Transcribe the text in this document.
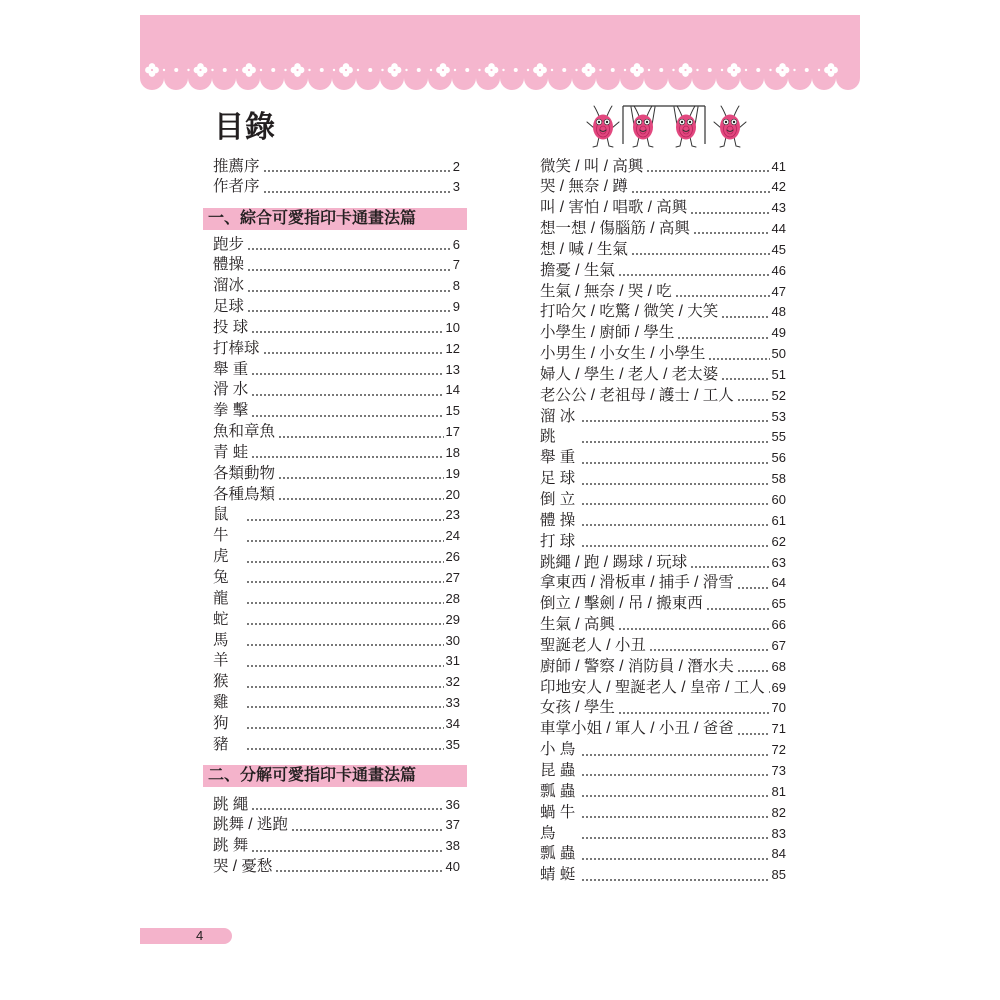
目錄
推薦序	2
作者序	3
一、綜合可愛指印卡通畫法篇
跑步	6
體操	7
溜冰	8
足球	9
投 球	10
打棒球	12
舉 重	13
滑 水	14
拳 擊	15
魚和章魚	17
青 蛙	18
各類動物	19
各種鳥類	20
鼠	23
牛	24
虎	26
兔	27
龍	28
蛇	29
馬	30
羊	31
猴	32
雞	33
狗	34
豬	35
二、分解可愛指印卡通畫法篇
跳 繩	36
跳舞 / 逃跑	37
跳 舞	38
哭 / 憂愁	40
微笑 / 叫 / 高興	41
哭 / 無奈 / 蹲	42
叫 / 害怕 / 唱歌 / 高興	43
想一想 / 傷腦筋 / 高興	44
想 / 喊 / 生氣	45
擔憂 / 生氣	46
生氣 / 無奈 / 哭 / 吃	47
打哈欠 / 吃驚 / 微笑 / 大笑	48
小學生 / 廚師 / 學生	49
小男生 / 小女生 / 小學生	50
婦人 / 學生 / 老人 / 老太婆	51
老公公 / 老祖母 / 護士 / 工人	52
溜 冰	53
跳	55
舉 重	56
足 球	58
倒 立	60
體 操	61
打 球	62
跳繩 / 跑 / 踢球 / 玩球	63
拿東西 / 滑板車 / 捕手 / 滑雪	64
倒立 / 擊劍 / 吊 / 搬東西	65
生氣 / 高興	66
聖誕老人 / 小丑	67
廚師 / 警察 / 消防員 / 潛水夫	68
印地安人 / 聖誕老人 / 皇帝 / 工人 69
女孩 / 學生	70
車掌小姐 / 軍人 / 小丑 / 爸爸	71
小 鳥	72
昆 蟲	73
瓢 蟲	81
蝸 牛	82
鳥	83
瓢 蟲	84
蜻 蜓	85
4
